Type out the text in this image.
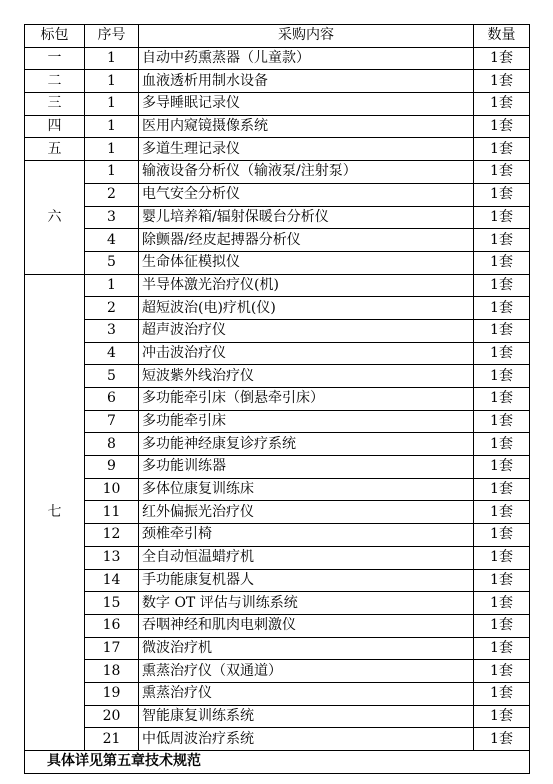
标包	序号	采购内容	数量
一	1	自动中药熏蒸器（儿童款）	1套
二	1	血液透析用制水设备	1套
三	1	多导睡眠记录仪	1套
四	1	医用内窥镜摄像系统	1套
五	1	多道生理记录仪	1套
六	1	输液设备分析仪（输液泵/注射泵）	1套
	2	电气安全分析仪	1套
	3	婴儿培养箱/辐射保暖台分析仪	1套
	4	除颤器/经皮起搏器分析仪	1套
	5	生命体征模拟仪	1套
七	1	半导体激光治疗仪(机)	1套
	2	超短波治(电)疗机(仪)	1套
	3	超声波治疗仪	1套
	4	冲击波治疗仪	1套
	5	短波紫外线治疗仪	1套
	6	多功能牵引床（倒悬牵引床）	1套
	7	多功能牵引床	1套
	8	多功能神经康复诊疗系统	1套
	9	多功能训练器	1套
	10	多体位康复训练床	1套
	11	红外偏振光治疗仪	1套
	12	颈椎牵引椅	1套
	13	全自动恒温蜡疗机	1套
	14	手功能康复机器人	1套
	15	数字 OT 评估与训练系统	1套
	16	吞咽神经和肌肉电刺激仪	1套
	17	微波治疗机	1套
	18	熏蒸治疗仪（双通道）	1套
	19	熏蒸治疗仪	1套
	20	智能康复训练系统	1套
	21	中低周波治疗系统	1套
具体详见第五章技术规范			
